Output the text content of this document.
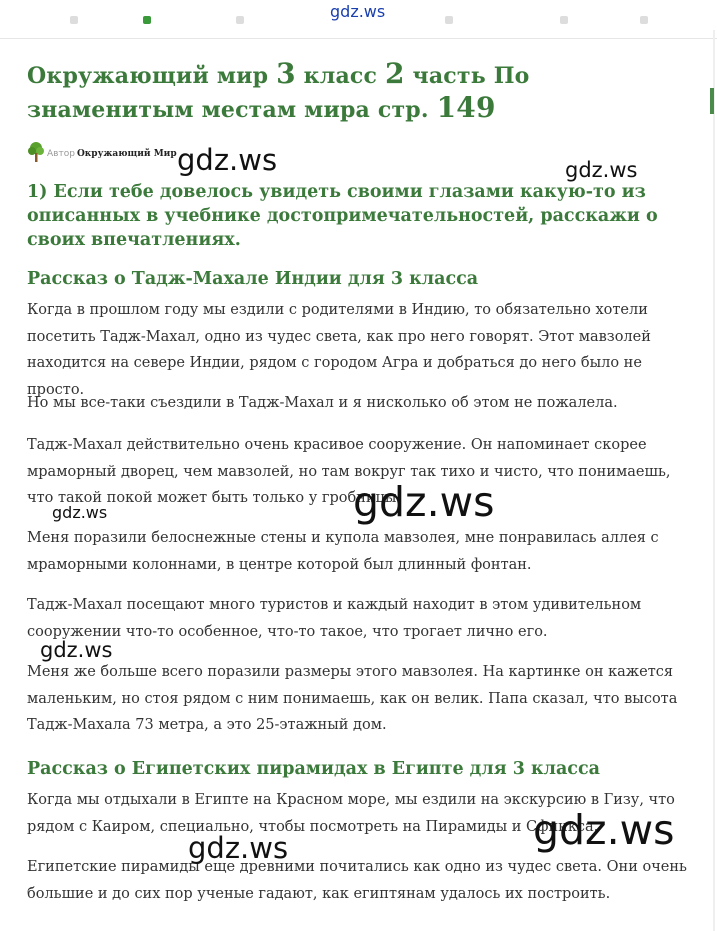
gdz.ws
Окружающий мир 3 класс 2 часть По знаменитым местам мира стр. 149
Автор Окружающий Мир
1) Если тебе довелось увидеть своими глазами какую-то из описанных в учебнике достопримечательностей, расскажи о своих впечатлениях.
Рассказ о Тадж-Махале Индии для 3 класса
Когда в прошлом году мы ездили с родителями в Индию, то обязательно хотели посетить Тадж-Махал, одно из чудес света, как про него говорят. Этот мавзолей находится на севере Индии, рядом с городом Агра и добраться до него было не просто.
Но мы все-таки съездили в Тадж-Махал и я нисколько об этом не пожалела.
Тадж-Махал действительно очень красивое сооружение. Он напоминает скорее мраморный дворец, чем мавзолей, но там вокруг так тихо и чисто, что понимаешь, что такой покой может быть только у гробницы.
Меня поразили белоснежные стены и купола мавзолея, мне понравилась аллея с мраморными колоннами, в центре которой был длинный фонтан.
Тадж-Махал посещают много туристов и каждый находит в этом удивительном сооружении что-то особенное, что-то такое, что трогает лично его.
Меня же больше всего поразили размеры этого мавзолея. На картинке он кажется маленьким, но стоя рядом с ним понимаешь, как он велик. Папа сказал, что высота Тадж-Махала 73 метра, а это 25-этажный дом.
Рассказ о Египетских пирамидах в Египте для 3 класса
Когда мы отдыхали в Египте на Красном море, мы ездили на экскурсию в Гизу, что рядом с Каиром, специально, чтобы посмотреть на Пирамиды и Сфинкса.
Египетские пирамиды еще древними почитались как одно из чудес света. Они очень большие и до сих пор ученые гадают, как египтянам удалось их построить.
gdz.ws	gdz.ws
gdz.ws
gdz.ws
gdz.ws
gdz.ws
gdz.ws
